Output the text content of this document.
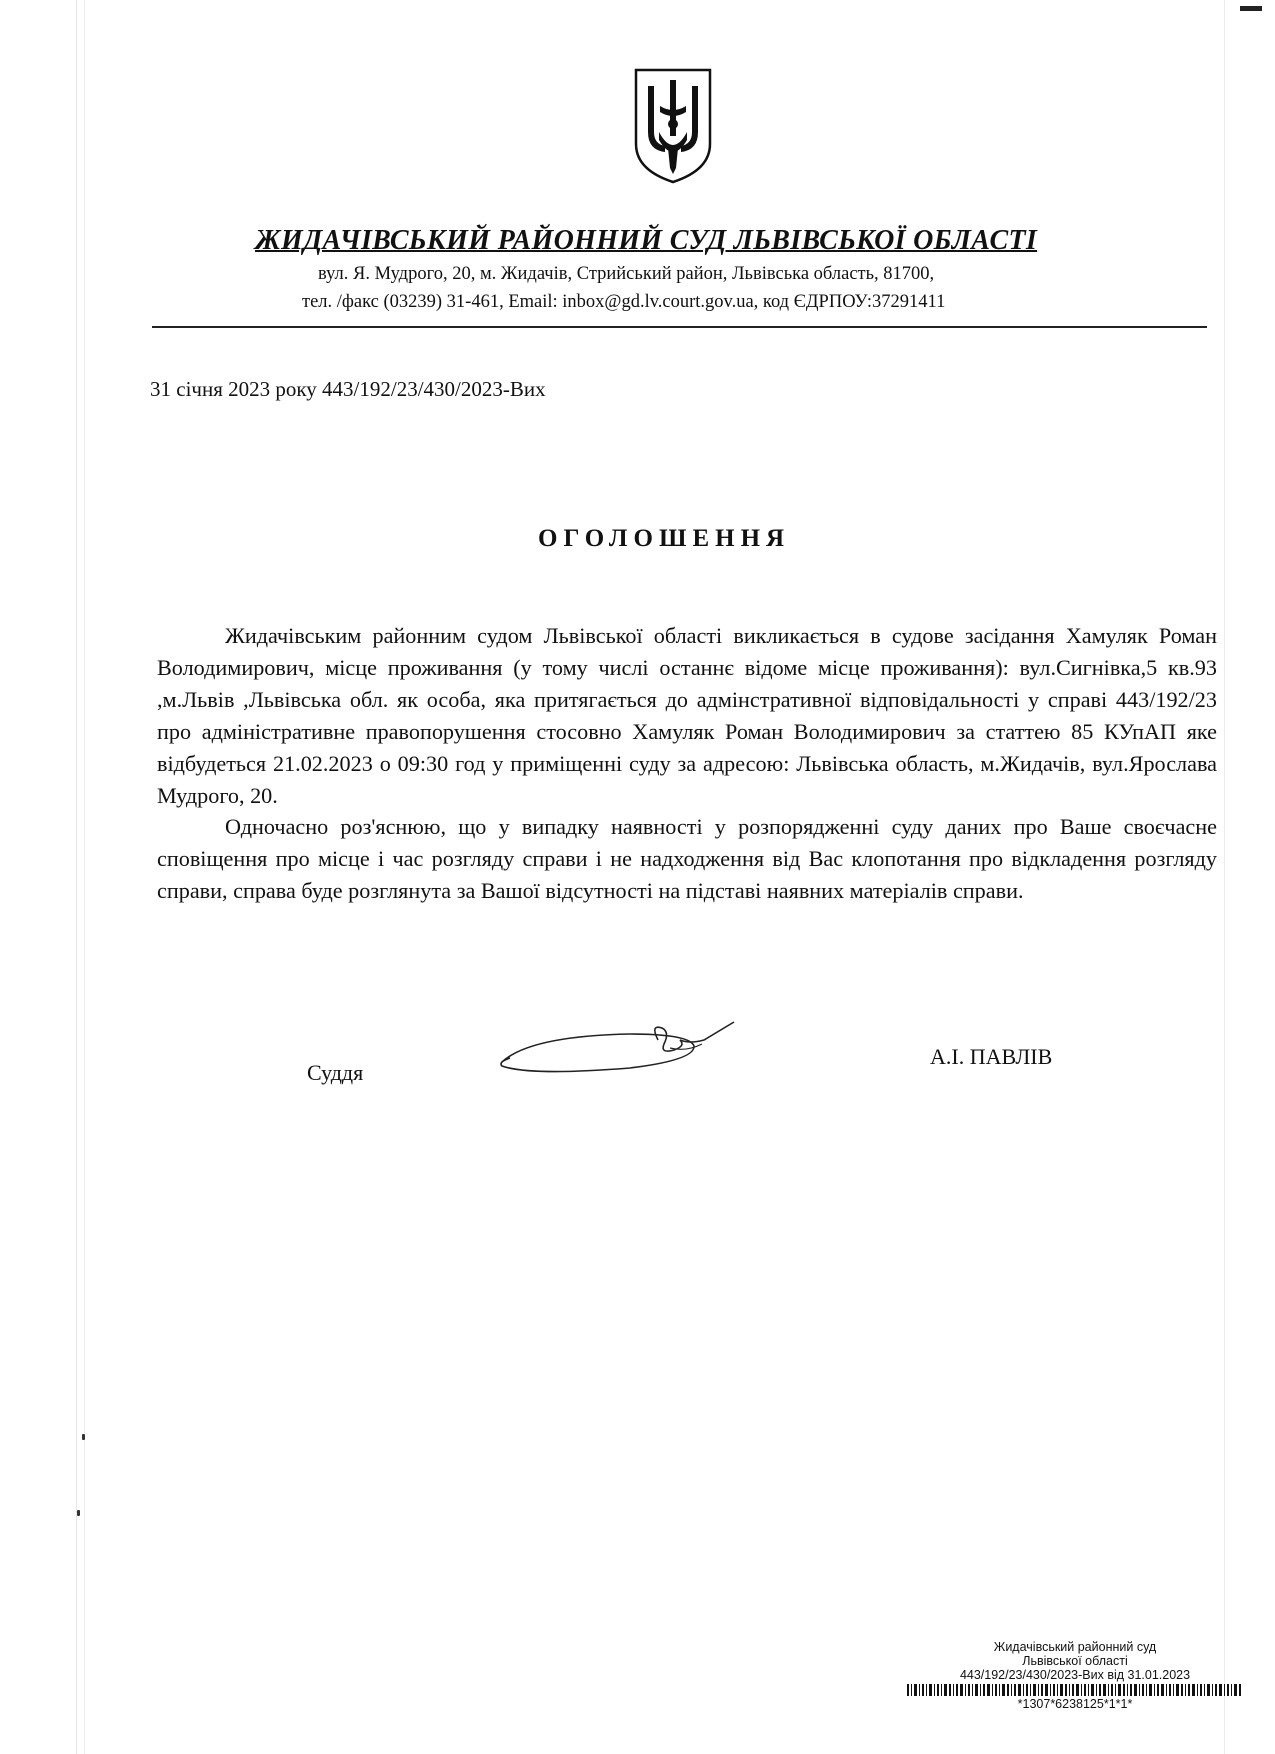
ЖИДАЧІВСЬКИЙ РАЙОННИЙ СУД ЛЬВІВСЬКОЇ ОБЛАСТІ
вул. Я. Мудрого, 20, м. Жидачів, Стрийський район, Львівська область, 81700,
тел. /факс (03239) 31-461, Email: inbox@gd.lv.court.gov.ua, код ЄДРПОУ:37291411
31 січня 2023 року 443/192/23/430/2023-Вих
ОГОЛОШЕННЯ

Жидачівським районним судом Львівської області викликається в судове засідання Хамуляк Роман Володимирович, місце проживання (у тому числі останнє відоме місце проживання): вул.Сигнівка,5 кв.93 ,м.Львів ,Львівська обл. як особа, яка притягається до адмінстративної відповідальності у справі 443/192/23 про адміністративне правопорушення стосовно Хамуляк Роман Володимирович за статтею 85 КУпАП яке відбудеться 21.02.2023 о 09:30 год у приміщенні суду за адресою: Львівська область, м.Жидачів, вул.Ярослава Мудрого, 20.

Одночасно роз'яснюю, що у випадку наявності у розпорядженні суду даних про Ваше своєчасне сповіщення про місце і час розгляду справи і не надходження від Вас клопотання про відкладення розгляду справи, справа буде розглянута за Вашої відсутності на підставі наявних матеріалів справи.

Суддя
А.І. ПАВЛІВ
Жидачівський районний суд
Львівської області
443/192/23/430/2023-Вих від 31.01.2023
*1307*6238125*1*1*
